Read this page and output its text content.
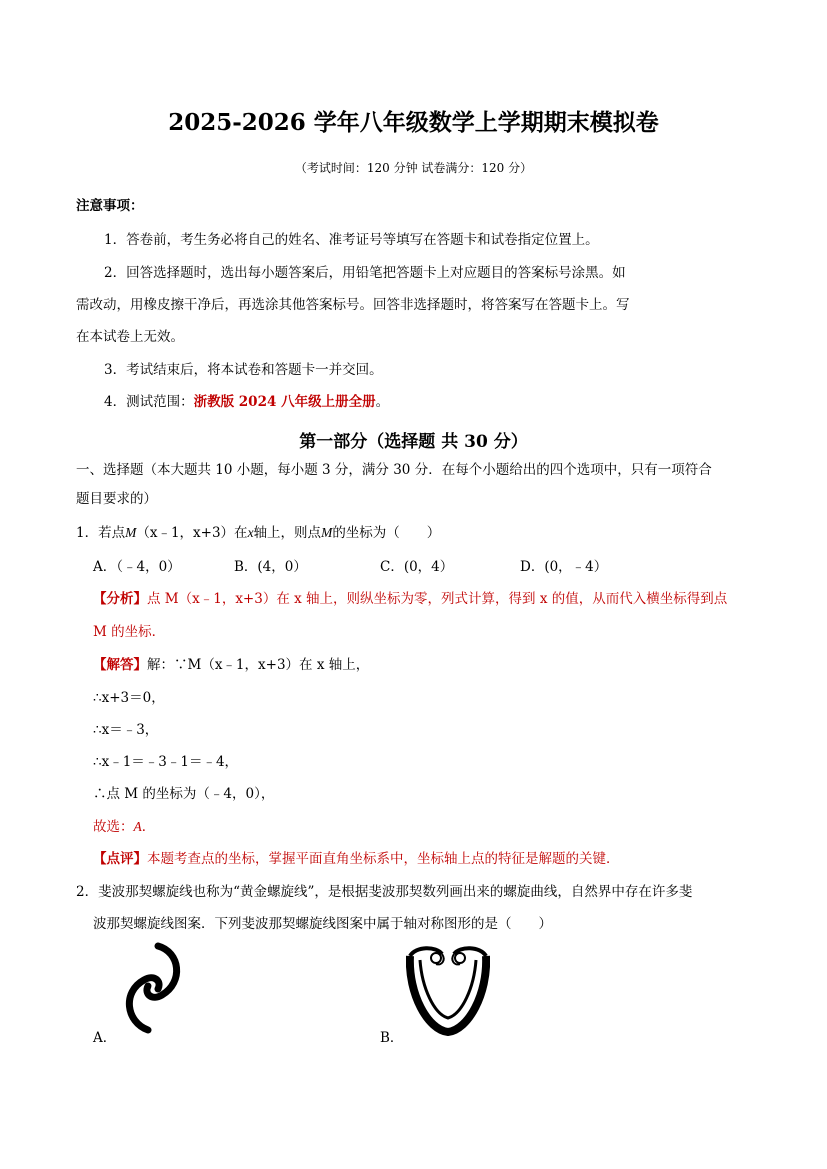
2025-2026 学年八年级数学上学期期末模拟卷
（考试时间：120 分钟 试卷满分：120 分）
注意事项：
1．答卷前，考生务必将自己的姓名、准考证号等填写在答题卡和试卷指定位置上。
2．回答选择题时，选出每小题答案后，用铅笔把答题卡上对应题目的答案标号涂黑。如
需改动，用橡皮擦干净后，再选涂其他答案标号。回答非选择题时，将答案写在答题卡上。写
在本试卷上无效。
3．考试结束后，将本试卷和答题卡一并交回。
4．测试范围：浙教版 2024 八年级上册全册。
第一部分（选择题 共 30 分）
一、选择题（本大题共 10 小题，每小题 3 分，满分 30 分．在每个小题给出的四个选项中，只有一项符合
题目要求的）
1．若点M（x﹣1，x+3）在x轴上，则点M的坐标为（　　）
A．（﹣4，0）	B．(4，0）	C．(0，4）	D．(0，﹣4）
【分析】点 M（x﹣1，x+3）在 x 轴上，则纵坐标为零，列式计算，得到 x 的值，从而代入横坐标得到点
M 的坐标．
【解答】解：∵M（x﹣1，x+3）在 x 轴上，
∴x+3＝0，
∴x＝﹣3，
∴x﹣1＝﹣3﹣1＝﹣4，
∴点 M 的坐标为（﹣4，0），
故选：A．
【点评】本题考查点的坐标，掌握平面直角坐标系中，坐标轴上点的特征是解题的关键．
2．斐波那契螺旋线也称为“黄金螺旋线”，是根据斐波那契数列画出来的螺旋曲线，自然界中存在许多斐
波那契螺旋线图案．下列斐波那契螺旋线图案中属于轴对称图形的是（　　）
A．	B．
